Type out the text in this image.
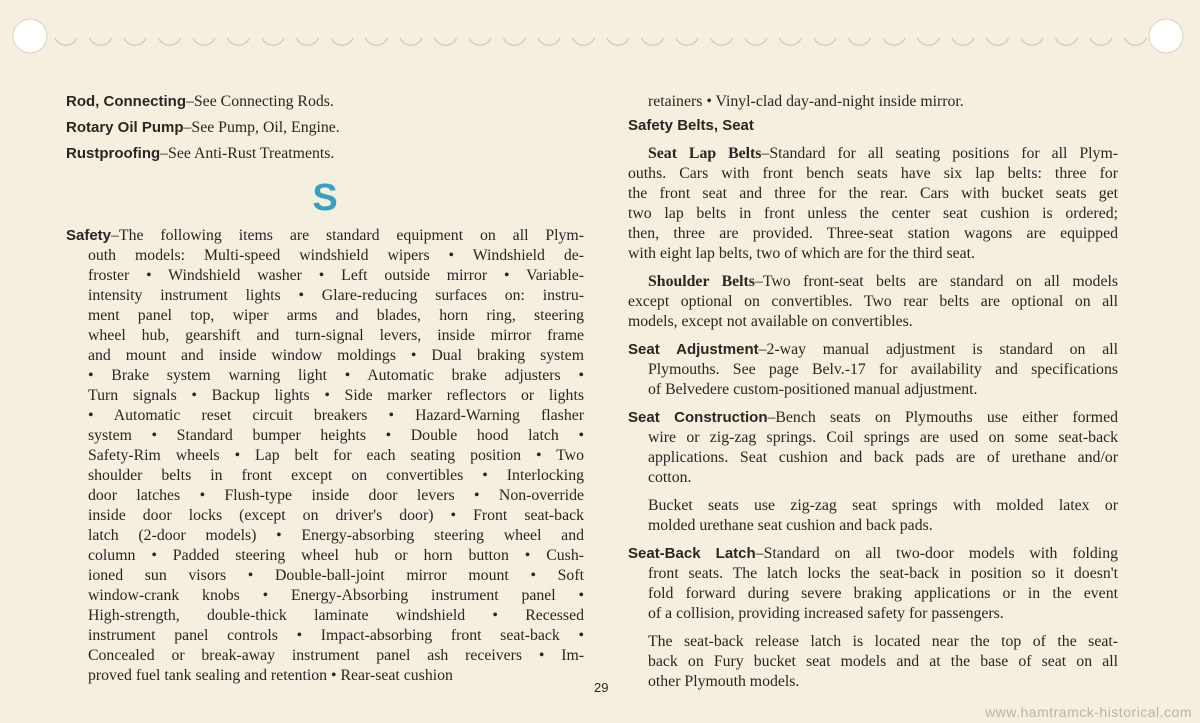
Rod, Connecting–See Connecting Rods.
Rotary Oil Pump–See Pump, Oil, Engine.
Rustproofing–See Anti-Rust Treatments.
S
Safety–The following items are standard equipment on all Plym-
outh models: Multi-speed windshield wipers • Windshield de-
froster • Windshield washer • Left outside mirror • Variable-
intensity instrument lights • Glare-reducing surfaces on: instru-
ment panel top, wiper arms and blades, horn ring, steering
wheel hub, gearshift and turn-signal levers, inside mirror frame
and mount and inside window moldings • Dual braking system
• Brake system warning light • Automatic brake adjusters •
Turn signals • Backup lights • Side marker reflectors or lights
• Automatic reset circuit breakers • Hazard-Warning flasher
system • Standard bumper heights • Double hood latch •
Safety-Rim wheels • Lap belt for each seating position • Two
shoulder belts in front except on convertibles • Interlocking
door latches • Flush-type inside door levers • Non-override
inside door locks (except on driver's door) • Front seat-back
latch (2-door models) • Energy-absorbing steering wheel and
column • Padded steering wheel hub or horn button • Cush-
ioned sun visors • Double-ball-joint mirror mount • Soft
window-crank knobs • Energy-Absorbing instrument panel •
High-strength, double-thick laminate windshield • Recessed
instrument panel controls • Impact-absorbing front seat-back •
Concealed or break-away instrument panel ash receivers • Im-
proved fuel tank sealing and retention • Rear-seat cushion
retainers • Vinyl-clad day-and-night inside mirror.
Safety Belts, Seat
Seat Lap Belts–Standard for all seating positions for all Plym-
ouths. Cars with front bench seats have six lap belts: three for
the front seat and three for the rear. Cars with bucket seats get
two lap belts in front unless the center seat cushion is ordered;
then, three are provided. Three-seat station wagons are equipped
with eight lap belts, two of which are for the third seat.
Shoulder Belts–Two front-seat belts are standard on all models
except optional on convertibles. Two rear belts are optional on all
models, except not available on convertibles.
Seat Adjustment–2-way manual adjustment is standard on all
Plymouths. See page Belv.-17 for availability and specifications
of Belvedere custom-positioned manual adjustment.
Seat Construction–Bench seats on Plymouths use either formed
wire or zig-zag springs. Coil springs are used on some seat-back
applications. Seat cushion and back pads are of urethane and/or
cotton.
Bucket seats use zig-zag seat springs with molded latex or
molded urethane seat cushion and back pads.
Seat-Back Latch–Standard on all two-door models with folding
front seats. The latch locks the seat-back in position so it doesn't
fold forward during severe braking applications or in the event
of a collision, providing increased safety for passengers.
The seat-back release latch is located near the top of the seat-
back on Fury bucket seat models and at the base of seat on all
other Plymouth models.
29
www.hamtramck-historical.com
